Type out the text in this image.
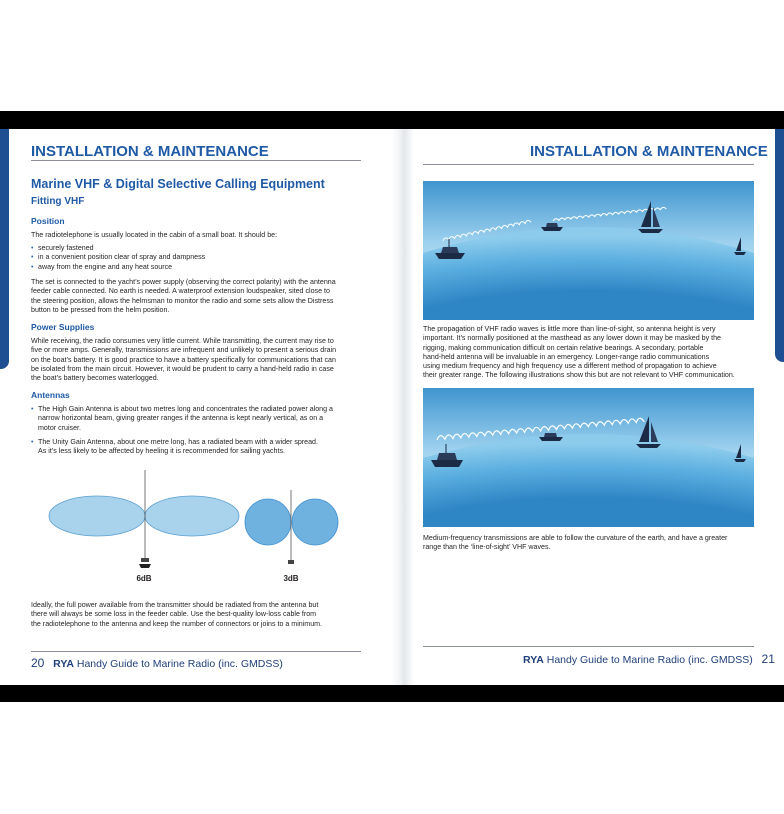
INSTALLATION & MAINTENANCE
Marine VHF & Digital Selective Calling Equipment
Fitting VHF
Position

The radiotelephone is usually located in the cabin of a small boat. It should be:

• securely fastened
• in a convenient position clear of spray and dampness
• away from the engine and any heat source

The set is connected to the yacht’s power supply (observing the correct polarity) with the antenna
feeder cable connected. No earth is needed. A waterproof extension loudspeaker, sited close to
the steering position, allows the helmsman to monitor the radio and some sets allow the Distress
button to be pressed from the helm position.

Power Supplies

While receiving, the radio consumes very little current. While transmitting, the current may rise to
five or more amps. Generally, transmissions are infrequent and unlikely to present a serious drain
on the boat’s battery. It is good practice to have a battery specifically for communications that can
be isolated from the main circuit. However, it would be prudent to carry a hand-held radio in case
the boat’s battery becomes waterlogged.

Antennas
• The High Gain Antenna is about two metres long and concentrates the radiated power along a
narrow horizontal beam, giving greater ranges if the antenna is kept nearly vertical, as on a
motor cruiser.
• The Unity Gain Antenna, about one metre long, has a radiated beam with a wider spread.
As it’s less likely to be affected by heeling it is recommended for sailing yachts.
6dB	3dB

Ideally, the full power available from the transmitter should be radiated from the antenna but
there will always be some loss in the feeder cable. Use the best-quality low-loss cable from
the radiotelephone to the antenna and keep the number of connectors or joins to a minimum.

20 RYA Handy Guide to Marine Radio (inc. GMDSS)
INSTALLATION & MAINTENANCE

The propagation of VHF radio waves is little more than line-of-sight, so antenna height is very
important. It’s normally positioned at the masthead as any lower down it may be masked by the
rigging, making communication difficult on certain relative bearings. A secondary, portable
hand-held antenna will be invaluable in an emergency. Longer-range radio communications
using medium frequency and high frequency use a different method of propagation to achieve
their greater range. The following illustrations show this but are not relevant to VHF communication.

Medium-frequency transmissions are able to follow the curvature of the earth, and have a greater
range than the ‘line-of-sight’ VHF waves.

RYA Handy Guide to Marine Radio (inc. GMDSS) 21
